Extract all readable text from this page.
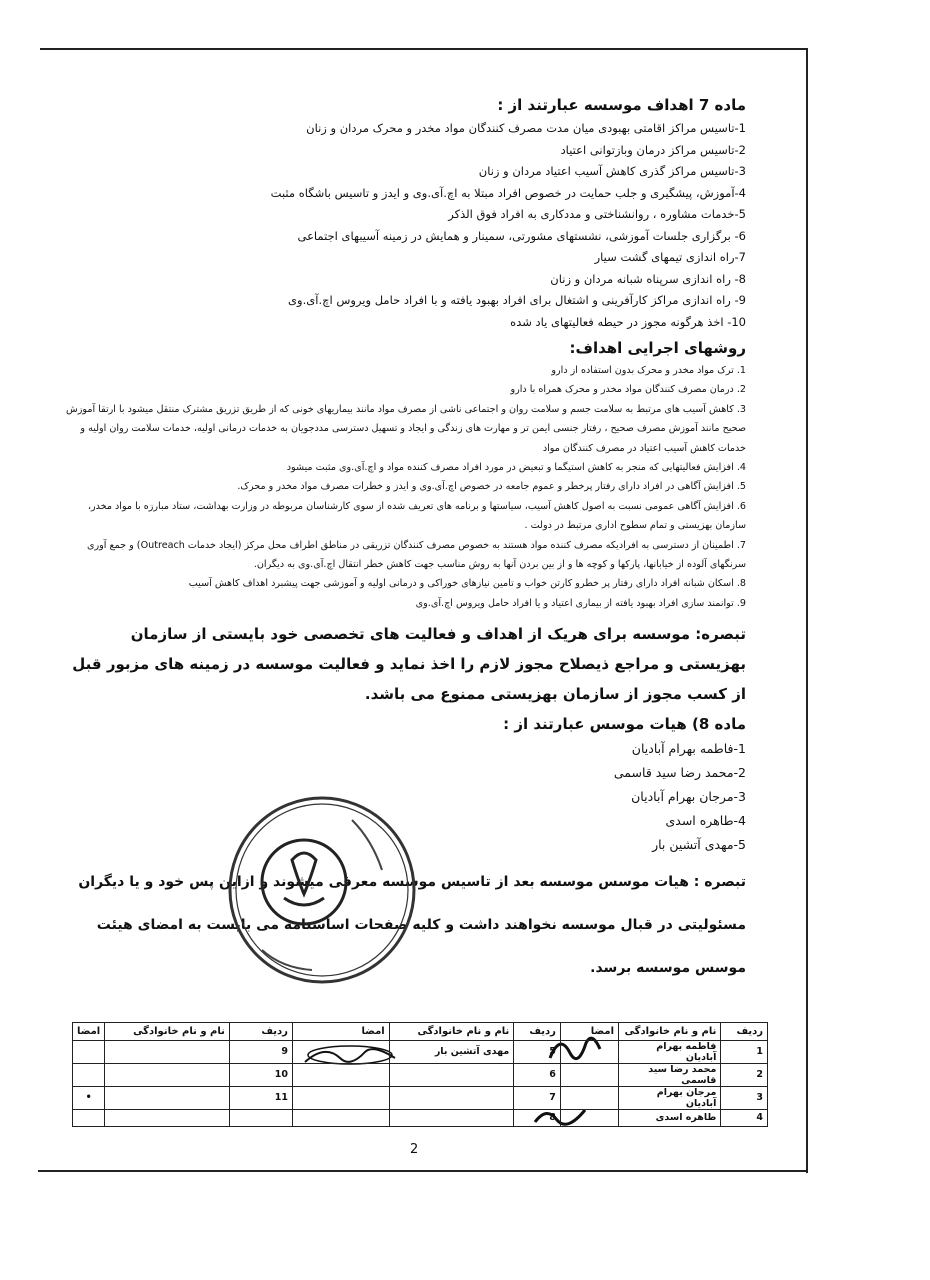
ماده 7 اهداف موسسه عبارتند از :
1-تاسیس مراکز اقامتی بهبودی میان مدت مصرف کنندگان مواد مخدر و محرک مردان و زنان
2-تاسیس مراکز درمان وبازتوانی اعتیاد
3-تاسیس مراکز گذری کاهش آسیب اعتیاد مردان و زنان
4-آموزش، پیشگیری و جلب حمایت در خصوص افراد مبتلا به اچ.آی.وی و ایدز و تاسیس باشگاه مثبت
5-خدمات مشاوره ، روانشناختی و مددکاری به افراد فوق الذکر
6- برگزاری جلسات آموزشی، نشستهای مشورتی، سمینار و همایش در زمینه آسیبهای اجتماعی
7-راه اندازی تیمهای گشت سیار
8- راه اندازی سرپناه شبانه مردان و زنان
9- راه اندازی مراکز کارآفرینی و اشتغال برای افراد بهبود یافته و با افراد حامل ویروس اچ.آی.وی
10- اخذ هرگونه مجوز در حیطه فعالیتهای یاد شده
روشهای اجرایی اهداف:
1. ترک مواد مخدر و محرک بدون استفاده از دارو
2. درمان مصرف کنندگان مواد مخدر و محرک همراه با دارو
3. کاهش آسیب های مرتبط به سلامت جسم و سلامت روان و اجتماعی ناشی از مصرف مواد مانند بیماریهای خونی که از طریق تزریق مشترک منتقل میشود با ارتقا آموزش صحیح مانند آموزش مصرف صحیح ، رفتار جنسی ایمن تر و مهارت های زندگی و ایجاد و تسهیل دسترسی مددجویان به خدمات درمانی اولیه، خدمات سلامت روان اولیه و خدمات کاهش آسیب اعتیاد در مصرف کنندگان مواد
4. افزایش فعالیتهایی که منجر به کاهش استیگما و تبعیض در مورد افراد مصرف کننده مواد و اچ.آی.وی مثبت میشود
5. افزایش آگاهی در افراد دارای رفتار پرخطر و عموم جامعه در خصوص اچ.آی.وی و ایدز و خطرات مصرف مواد مخدر و محرک.
6. افزایش آگاهی عمومی نسبت به اصول کاهش آسیب، سیاستها و برنامه های تعریف شده از سوی کارشناسان مربوطه در وزارت بهداشت، ستاد مبارزه با مواد مخدر، سازمان بهزیستی و تمام سطوح اداری مرتبط در دولت .
7. اطمینان از دسترسی به افرادیکه مصرف کننده مواد هستند به خصوص مصرف کنندگان تزریقی در مناطق اطراف محل مرکز (ایجاد خدمات Outreach) و جمع آوری سرنگهای آلوده از خیابانها، پارکها و کوچه ها و از بین بردن آنها به روش مناسب جهت کاهش خطر انتقال اچ.آی.وی به دیگران.
8. اسکان شبانه افراد دارای رفتار پر خطرو کارتن خواب و تامین نیازهای خوراکی و درمانی اولیه و آموزشی جهت پیشبرد اهداف کاهش آسیب
9. توانمند سازی افراد بهبود یافته از بیماری اعتیاد و یا افراد حامل ویروس اچ.آی.وی
تبصره: موسسه برای هریک از اهداف و فعالیت های تخصصی خود بایستی از سازمان بهزیستی و مراجع ذیصلاح مجوز لازم را اخذ نماید و فعالیت موسسه در زمینه های مزبور قبل از کسب مجوز از سازمان بهزیستی ممنوع می باشد.
ماده 8) هیات موسس عبارتند از :
1-فاطمه بهرام آبادیان
2-محمد رضا سید قاسمی
3-مرجان بهرام آبادیان
4-طاهره اسدی
5-مهدی آتشین بار
تبصره : هیات موسس موسسه بعد از تاسیس موسسه معرفی میشوند و ازاین پس خود و یا دیگران مسئولیتی در قبال موسسه نخواهند داشت و کلیه صفحات اساسنامه می بایست به امضای هیئت موسس موسسه برسد.
ردیف	نام و نام خانوادگی	امضا	ردیف	نام و نام خانوادگی	امضا	ردیف	نام و نام خانوادگی	امضا
1	فاطمه بهرام آبادیان		5	مهدی آتشین بار		9		
2	محمد رضا سید قاسمی		6			10		
3	مرجان بهرام آبادیان		7			11		•
4	طاهره اسدی		8					
2
